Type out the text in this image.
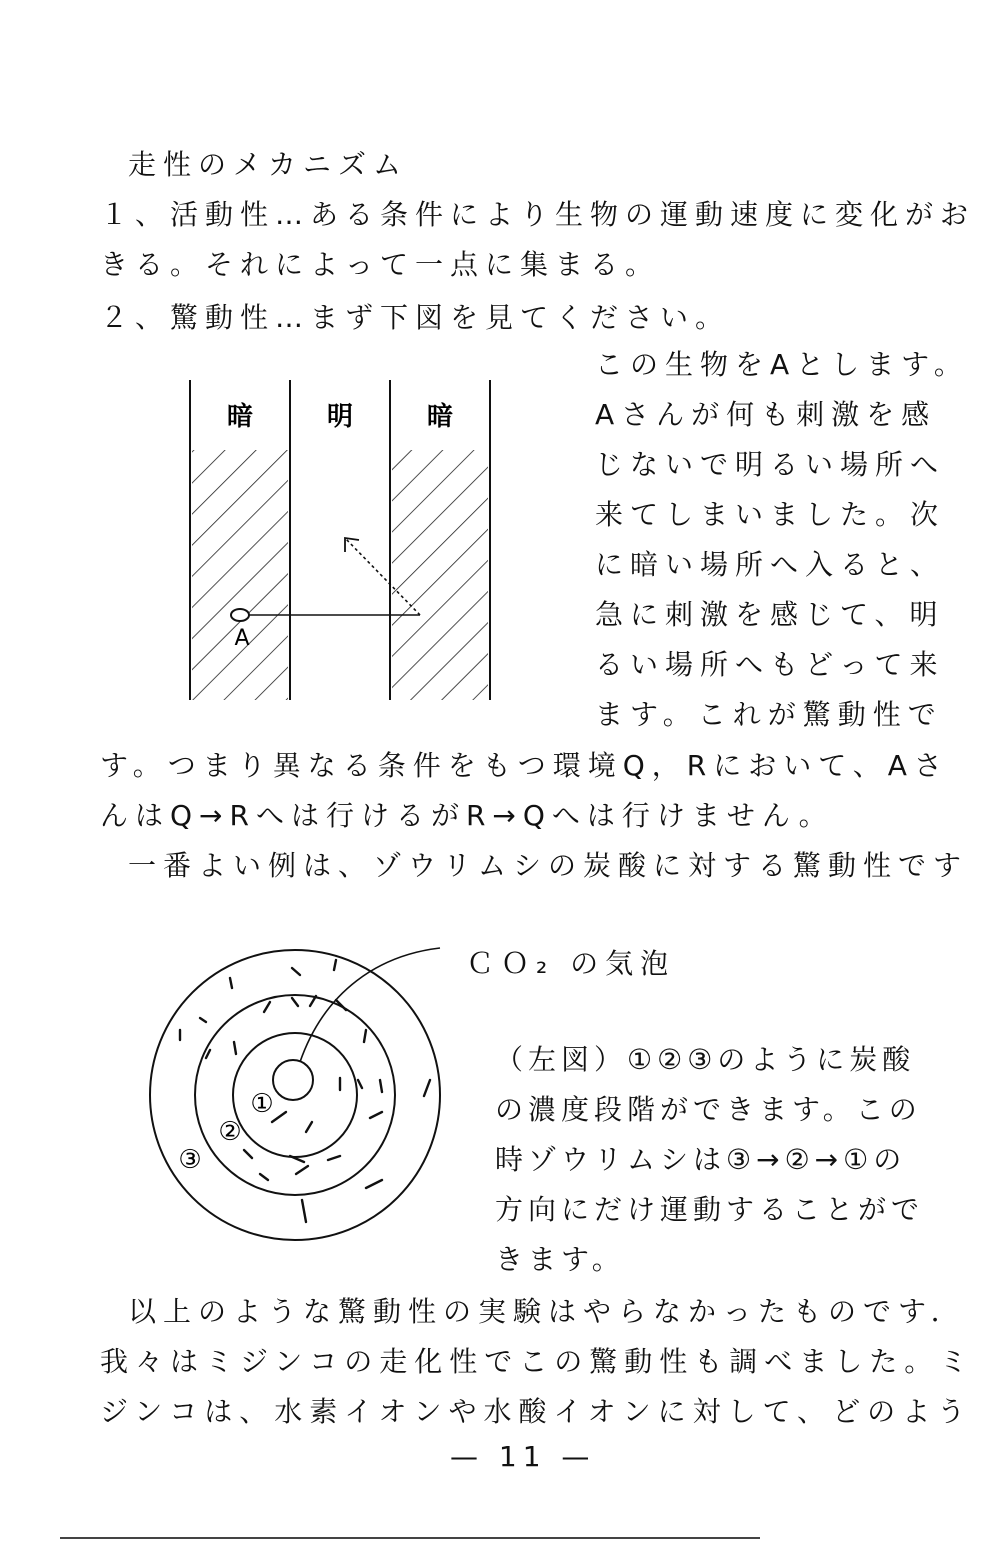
走性のメカニズム
１、活動性…ある条件により生物の運動速度に変化がお
きる。それによって一点に集まる。
２、驚動性…まず下図を見てください。
暗	明	暗
A
この生物をAとします。
Aさんが何も刺激を感
じないで明るい場所へ
来てしまいました。次
に暗い場所へ入ると、
急に刺激を感じて、明
るい場所へもどって来
ます。これが驚動性で
す。つまり異なる条件をもつ環境Q，Rにおいて、Aさ
んはQ→Rへは行けるがR→Qへは行けません。
一番よい例は、ゾウリムシの炭酸に対する驚動性です
①
②
③
ＣＯ₂ の気泡
（左図）①②③のように炭酸
の濃度段階ができます。この
時ゾウリムシは③→②→①の
方向にだけ運動することがで
きます。
以上のような驚動性の実験はやらなかったものです．
我々はミジンコの走化性でこの驚動性も調べました。ミ
ジンコは、水素イオンや水酸イオンに対して、どのよう
— 11 —
